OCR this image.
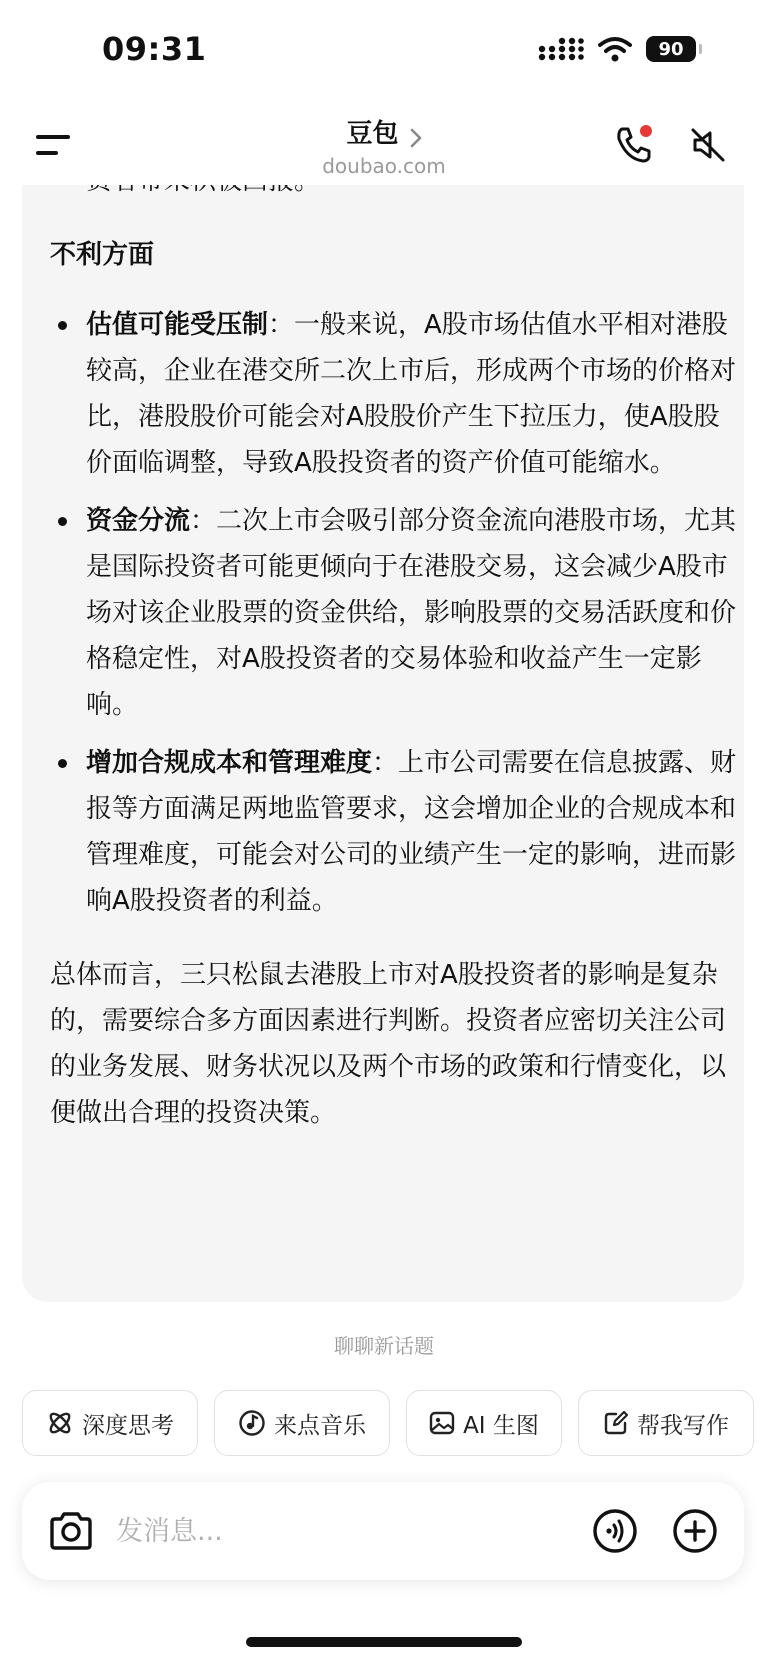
不利方面
估值可能受压制：一般来说，A股市场估值水平相对港股较高，企业在港交所二次上市后，形成两个市场的价格对比，港股股价可能会对A股股价产生下拉压力，使A股股价面临调整，导致A股投资者的资产价值可能缩水。
资金分流：二次上市会吸引部分资金流向港股市场，尤其是国际投资者可能更倾向于在港股交易，这会减少A股市场对该企业股票的资金供给，影响股票的交易活跃度和价格稳定性，对A股投资者的交易体验和收益产生一定影响。
增加合规成本和管理难度：上市公司需要在信息披露、财报等方面满足两地监管要求，这会增加企业的合规成本和管理难度，可能会对公司的业绩产生一定的影响，进而影响A股投资者的利益。
总体而言，三只松鼠去港股上市对A股投资者的影响是复杂的，需要综合多方面因素进行判断。投资者应密切关注公司的业务发展、财务状况以及两个市场的政策和行情变化，以便做出合理的投资决策。
09:31	90
豆包
doubao.com
聊聊新话题
深度思考	来点音乐	AI 生图	帮我写作
发消息...
